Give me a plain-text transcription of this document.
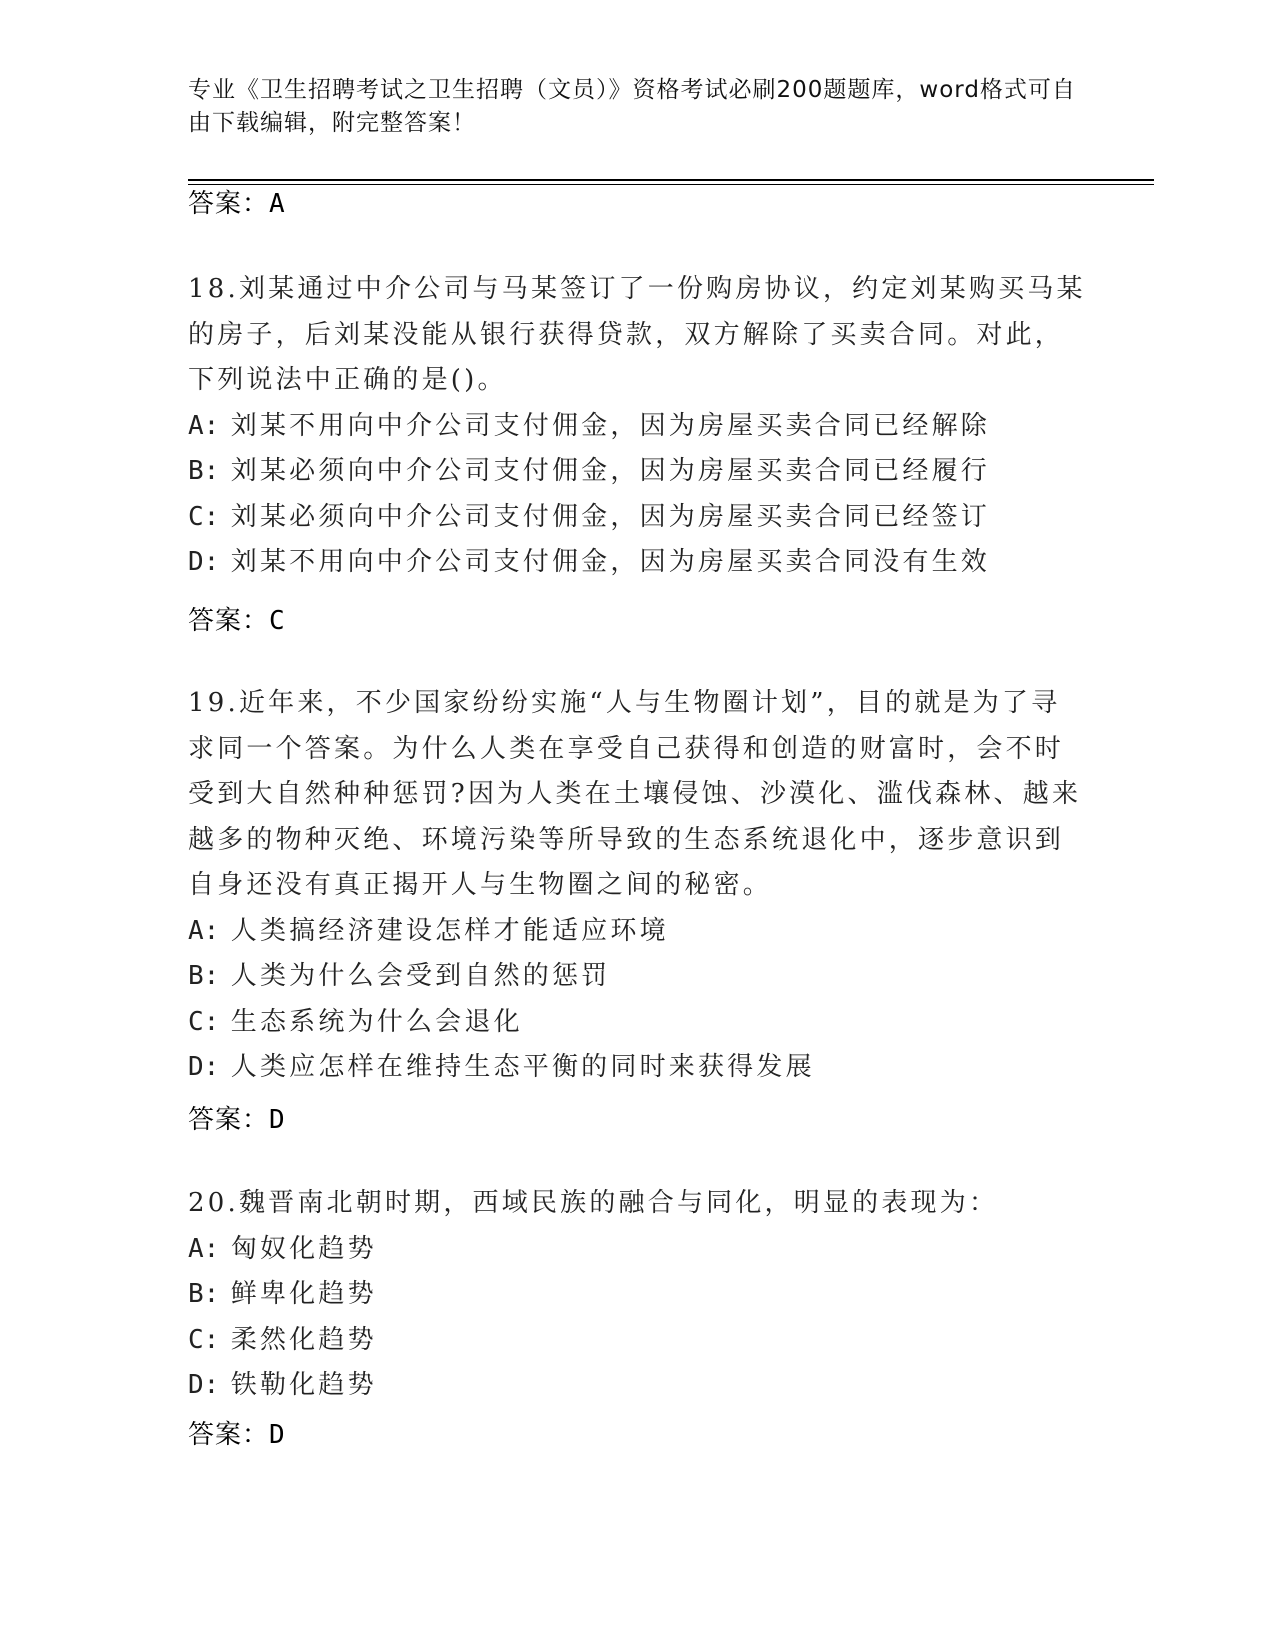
专业《卫生招聘考试之卫生招聘（文员）》资格考试必刷200题题库，word格式可自由下载编辑，附完整答案！
答案：A

18.刘某通过中介公司与马某签订了一份购房协议，约定刘某购买马某的房子，后刘某没能从银行获得贷款，双方解除了买卖合同。对此，下列说法中正确的是()。

A: 刘某不用向中介公司支付佣金，因为房屋买卖合同已经解除

B: 刘某必须向中介公司支付佣金，因为房屋买卖合同已经履行

C: 刘某必须向中介公司支付佣金，因为房屋买卖合同已经签订

D: 刘某不用向中介公司支付佣金，因为房屋买卖合同没有生效

答案：C

19.近年来，不少国家纷纷实施“人与生物圈计划”，目的就是为了寻求同一个答案。为什么人类在享受自己获得和创造的财富时，会不时受到大自然种种惩罚?因为人类在土壤侵蚀、沙漠化、滥伐森林、越来越多的物种灭绝、环境污染等所导致的生态系统退化中，逐步意识到自身还没有真正揭开人与生物圈之间的秘密。

A: 人类搞经济建设怎样才能适应环境

B: 人类为什么会受到自然的惩罚

C: 生态系统为什么会退化

D: 人类应怎样在维持生态平衡的同时来获得发展

答案：D

20.魏晋南北朝时期，西域民族的融合与同化，明显的表现为：

A: 匈奴化趋势

B: 鲜卑化趋势

C: 柔然化趋势

D: 铁勒化趋势

答案：D
